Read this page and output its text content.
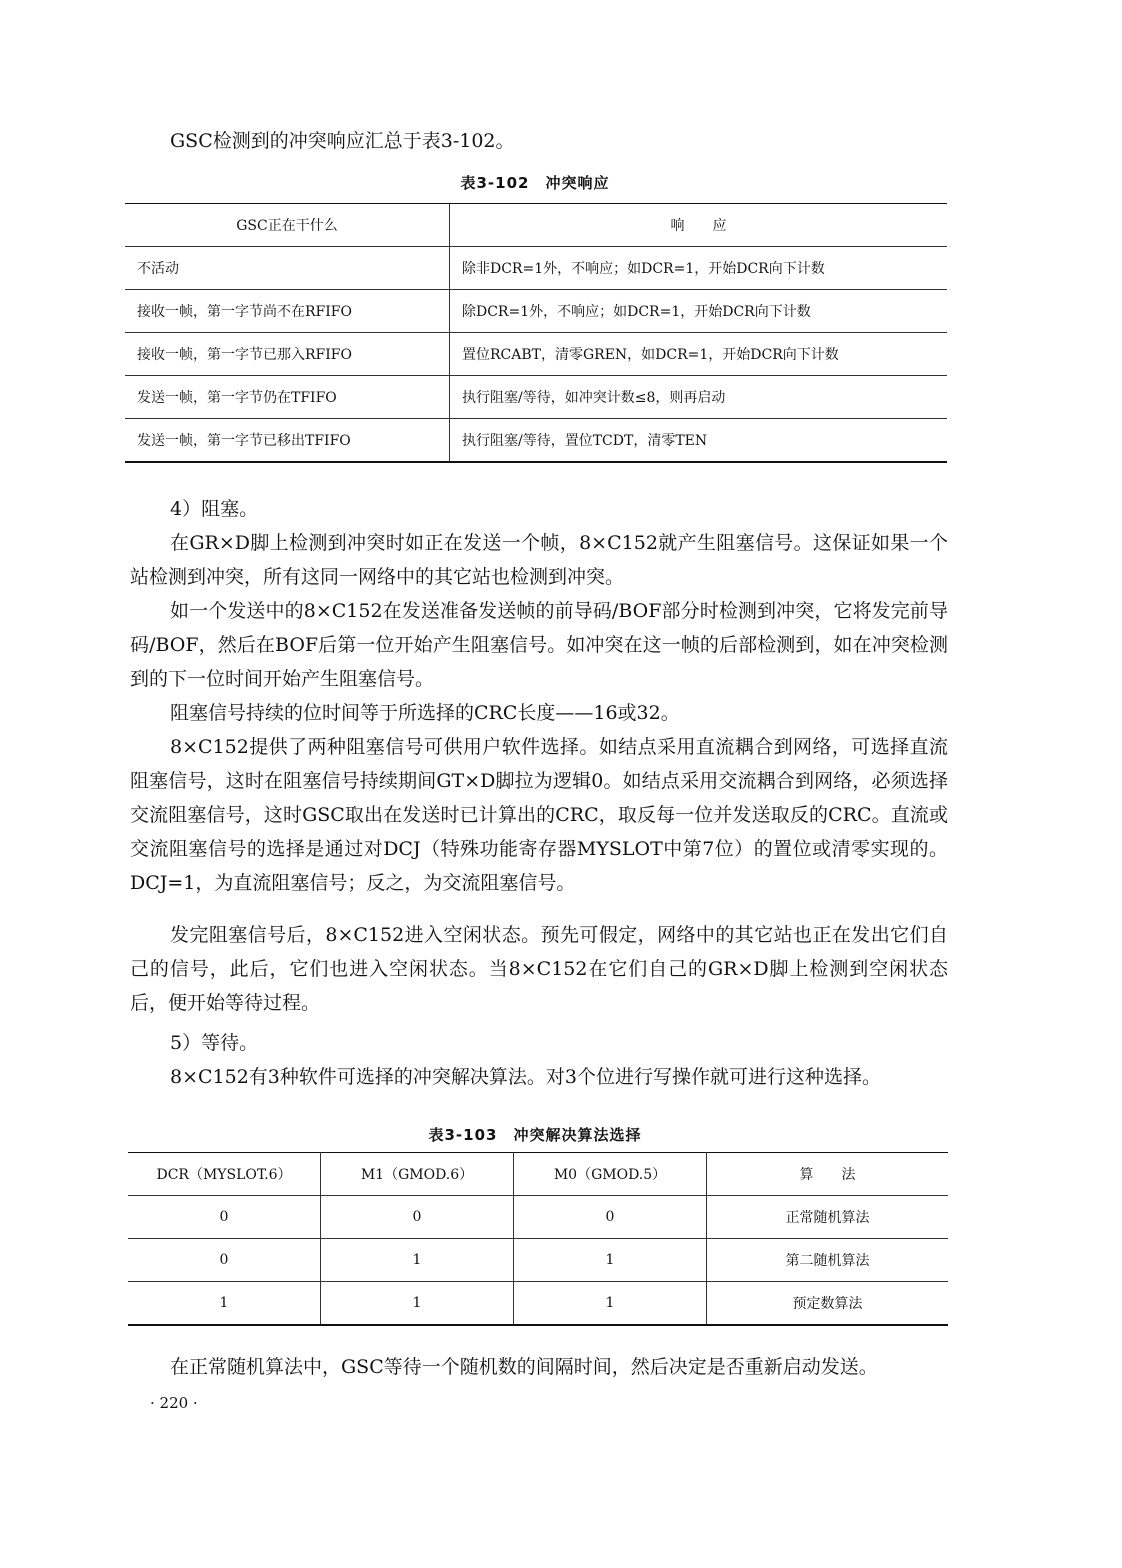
GSC检测到的冲突响应汇总于表3-102。

表3-102　冲突响应
GSC正在干什么	响　　应
不活动	除非DCR=1外，不响应；如DCR=1，开始DCR向下计数
接收一帧，第一字节尚不在RFIFO	除DCR=1外，不响应；如DCR=1，开始DCR向下计数
接收一帧，第一字节已那入RFIFO	置位RCABT，清零GREN，如DCR=1，开始DCR向下计数
发送一帧，第一字节仍在TFIFO	执行阻塞/等待，如冲突计数≤8，则再启动
发送一帧，第一字节已移出TFIFO	执行阻塞/等待，置位TCDT，清零TEN

4）阻塞。

在GR×D脚上检测到冲突时如正在发送一个帧，8×C152就产生阻塞信号。这保证如果一个站检测到冲突，所有这同一网络中的其它站也检测到冲突。

如一个发送中的8×C152在发送准备发送帧的前导码/BOF部分时检测到冲突，它将发完前导码/BOF，然后在BOF后第一位开始产生阻塞信号。如冲突在这一帧的后部检测到，如在冲突检测到的下一位时间开始产生阻塞信号。

阻塞信号持续的位时间等于所选择的CRC长度——16或32。

8×C152提供了两种阻塞信号可供用户软件选择。如结点采用直流耦合到网络，可选择直流阻塞信号，这时在阻塞信号持续期间GT×D脚拉为逻辑0。如结点采用交流耦合到网络，必须选择交流阻塞信号，这时GSC取出在发送时已计算出的CRC，取反每一位并发送取反的CRC。直流或交流阻塞信号的选择是通过对DCJ（特殊功能寄存器MYSLOT中第7位）的置位或清零实现的。DCJ=1，为直流阻塞信号；反之，为交流阻塞信号。

发完阻塞信号后，8×C152进入空闲状态。预先可假定，网络中的其它站也正在发出它们自己的信号，此后，它们也进入空闲状态。当8×C152在它们自己的GR×D脚上检测到空闲状态后，便开始等待过程。

5）等待。

8×C152有3种软件可选择的冲突解决算法。对3个位进行写操作就可进行这种选择。

表3-103　冲突解决算法选择
DCR（MYSLOT.6）	M1（GMOD.6）	M0（GMOD.5）	算　　法
0	0	0	正常随机算法
0	1	1	第二随机算法
1	1	1	预定数算法

在正常随机算法中，GSC等待一个随机数的间隔时间，然后决定是否重新启动发送。

· 220 ·
